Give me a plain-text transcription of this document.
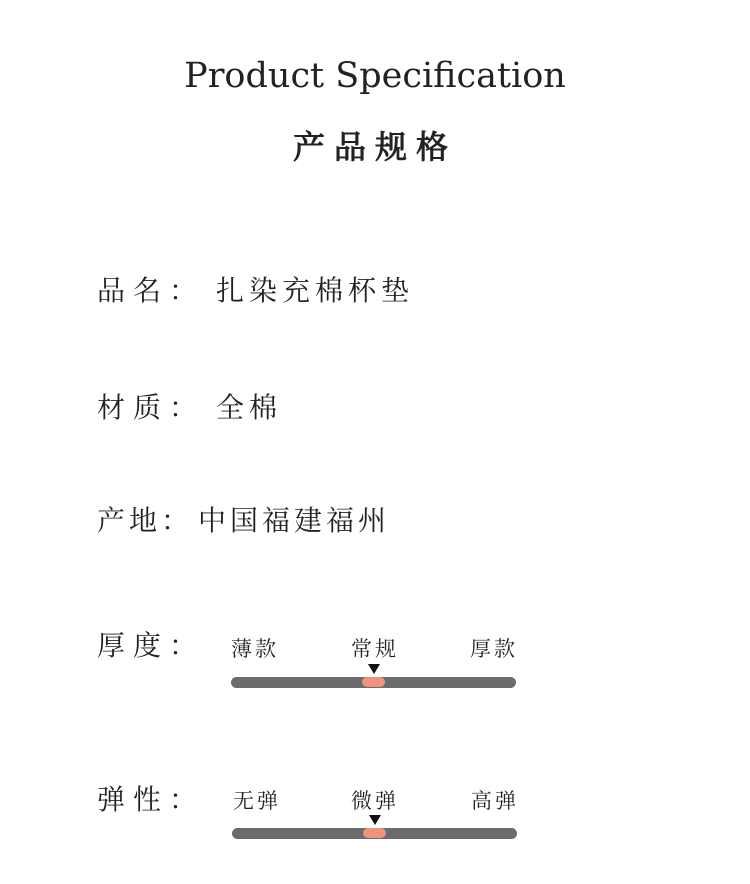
Product Specification
产品规格
品名： 扎染充棉杯垫
材质： 全棉
产地： 中国福建福州
厚度： 薄款	常规	厚款
弹性： 无弹	微弹	高弹
